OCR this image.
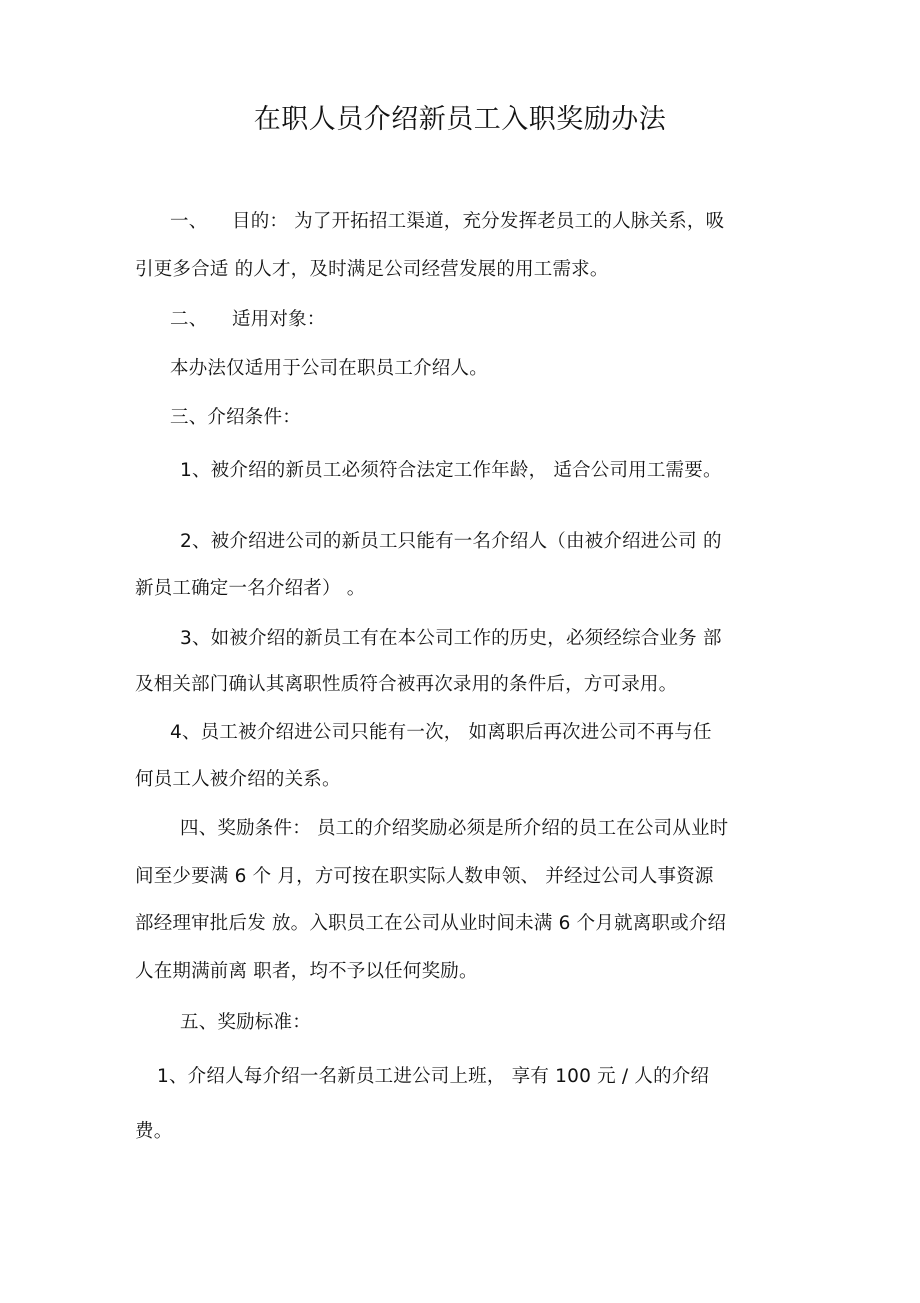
在职人员介绍新员工入职奖励办法
一、 目的： 为了开拓招工渠道，充分发挥老员工的人脉关系，吸
引更多合适 的人才，及时满足公司经营发展的用工需求。
二、 适用对象：
本办法仅适用于公司在职员工介绍人。
三、介绍条件：
1、被介绍的新员工必须符合法定工作年龄， 适合公司用工需要。
2、被介绍进公司的新员工只能有一名介绍人（由被介绍进公司 的
新员工确定一名介绍者） 。
3、如被介绍的新员工有在本公司工作的历史，必须经综合业务 部
及相关部门确认其离职性质符合被再次录用的条件后，方可录用。
4、员工被介绍进公司只能有一次， 如离职后再次进公司不再与任
何员工人被介绍的关系。
四、奖励条件： 员工的介绍奖励必须是所介绍的员工在公司从业时
间至少要满 6 个 月，方可按在职实际人数申领、 并经过公司人事资源
部经理审批后发 放。入职员工在公司从业时间未满 6 个月就离职或介绍
人在期满前离 职者，均不予以任何奖励。
五、奖励标准：
1、介绍人每介绍一名新员工进公司上班， 享有 100 元 / 人的介绍
费。
